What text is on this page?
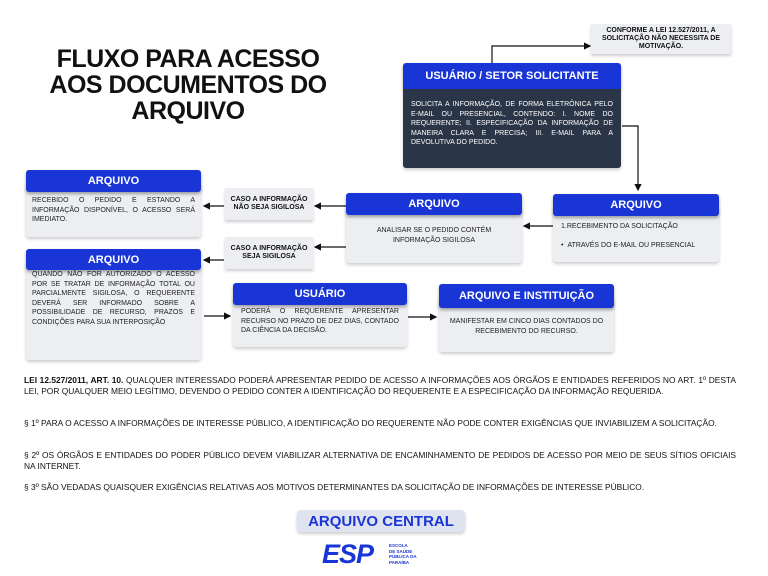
FLUXO PARA ACESSO
AOS DOCUMENTOS DO
ARQUIVO
CONFORME A LEI 12.527/2011, A SOLICITAÇÃO NÃO NECESSITA DE MOTIVAÇÃO.
USUÁRIO / SETOR SOLICITANTE
SOLICITA A INFORMAÇÃO, DE FORMA ELETRÔNICA PELO E-MAIL OU PRESENCIAL, CONTENDO: I. NOME DO REQUERENTE; II. ESPECIFICAÇÃO DA INFORMAÇÃO DE MANEIRA CLARA E PRECISA; III. E-MAIL PARA A DEVOLUTIVA DO PEDIDO.
1.RECEBIMENTO DA SOLICITAÇÃO
• ATRAVÉS DO E-MAIL OU PRESENCIAL
ARQUIVO
ANALISAR SE O PEDIDO CONTÉM INFORMAÇÃO SIGILOSA
ARQUIVO
CASO A INFORMAÇÃO NÃO SEJA SIGILOSA
CASO A INFORMAÇÃO SEJA SIGILOSA
RECEBIDO O PEDIDO E ESTANDO A INFORMAÇÃO DISPONÍVEL, O ACESSO SERÁ IMEDIATO.
ARQUIVO
QUANDO NÃO FOR AUTORIZADO O ACESSO POR SE TRATAR DE INFORMAÇÃO TOTAL OU PARCIALMENTE SIGILOSA, O REQUERENTE DEVERÁ SER INFORMADO SOBRE A POSSIBILIDADE DE RECURSO, PRAZOS E CONDIÇÕES PARA SUA INTERPOSIÇÃO
ARQUIVO
PODERÁ O REQUERENTE APRESENTAR RECURSO NO PRAZO DE DEZ DIAS, CONTADO DA CIÊNCIA DA DECISÃO.
USUÁRIO
MANIFESTAR EM CINCO DIAS CONTADOS DO RECEBIMENTO DO RECURSO.
ARQUIVO E INSTITUIÇÃO
LEI 12.527/2011, ART. 10. QUALQUER INTERESSADO PODERÁ APRESENTAR PEDIDO DE ACESSO A INFORMAÇÕES AOS ÓRGÃOS E ENTIDADES REFERIDOS NO ART. 1º DESTA LEI, POR QUALQUER MEIO LEGÍTIMO, DEVENDO O PEDIDO CONTER A IDENTIFICAÇÃO DO REQUERENTE E A ESPECIFICAÇÃO DA INFORMAÇÃO REQUERIDA.
§ 1º PARA O ACESSO A INFORMAÇÕES DE INTERESSE PÚBLICO, A IDENTIFICAÇÃO DO REQUERENTE NÃO PODE CONTER EXIGÊNCIAS QUE INVIABILIZEM A SOLICITAÇÃO.
§ 2º OS ÓRGÃOS E ENTIDADES DO PODER PÚBLICO DEVEM VIABILIZAR ALTERNATIVA DE ENCAMINHAMENTO DE PEDIDOS DE ACESSO POR MEIO DE SEUS SÍTIOS OFICIAIS NA INTERNET.
§ 3º SÃO VEDADAS QUAISQUER EXIGÊNCIAS RELATIVAS AOS MOTIVOS DETERMINANTES DA SOLICITAÇÃO DE INFORMAÇÕES DE INTERESSE PÚBLICO.
ARQUIVO CENTRAL
ESP	ESCOLA
DE SAÚDE
PÚBLICA DA
PARAÍBA
